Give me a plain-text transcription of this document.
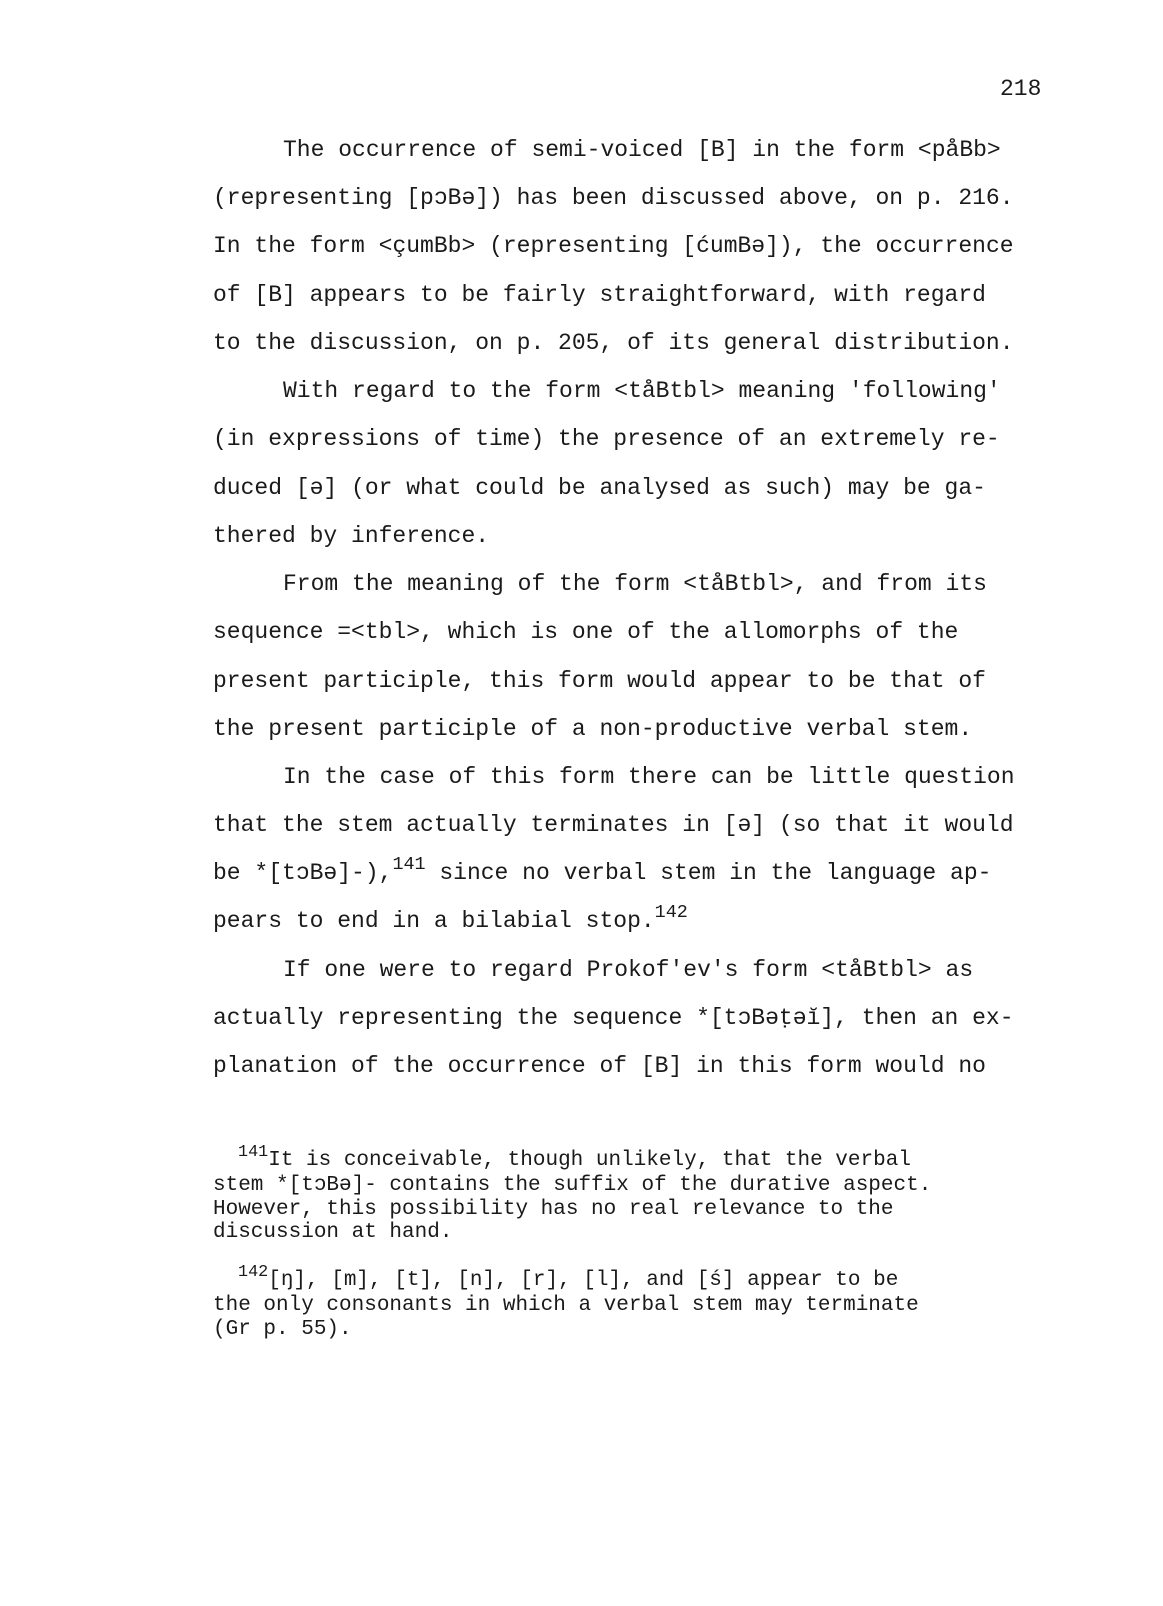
218
The occurrence of semi-voiced [B] in the form <påBb>
(representing [pɔBə]) has been discussed above, on p. 216.
In the form <çumBb> (representing [ćumBə]), the occurrence
of [B] appears to be fairly straightforward, with regard
to the discussion, on p. 205, of its general distribution.
With regard to the form <tåBtbl> meaning 'following'
(in expressions of time) the presence of an extremely re-
duced [ə] (or what could be analysed as such) may be ga-
thered by inference.
From the meaning of the form <tåBtbl>, and from its
sequence =<tbl>, which is one of the allomorphs of the
present participle, this form would appear to be that of
the present participle of a non-productive verbal stem.
In the case of this form there can be little question
that the stem actually terminates in [ə] (so that it would
be *[tɔBə]-),$^{141}$ since no verbal stem in the language ap-
pears to end in a bilabial stop.$^{142}$
If one were to regard Prokof'ev's form <tåBtbl> as
actually representing the sequence *[tɔBəṭəĭ], then an ex-
planation of the occurrence of [B] in this form would no
$^{141}$It is conceivable, though unlikely, that the verbal
stem *[tɔBə]- contains the suffix of the durative aspect.
However, this possibility has no real relevance to the
discussion at hand.
$^{142}$[ŋ], [m], [t], [n], [r], [l], and [ś] appear to be
the only consonants in which a verbal stem may terminate
(Gr p. 55).
